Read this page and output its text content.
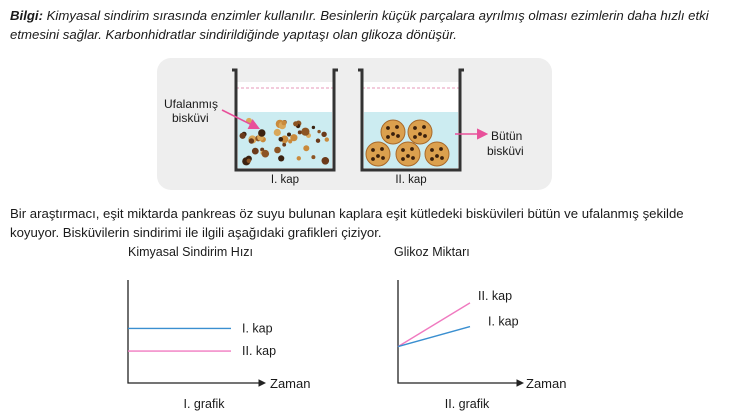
Bilgi: Kimyasal sindirim sırasında enzimler kullanılır. Besinlerin küçük parçalara ayrılmış olması ezimlerin daha hızlı etki etmesini sağlar. Karbonhidratlar sindirildiğinde yapıtaşı olan glikoza dönüşür.
Ufalanmış
bisküvi
Bütün
bisküvi
I. kap	II. kap
Bir araştırmacı, eşit miktarda pankreas öz suyu bulunan kaplara eşit kütledeki bisküvileri bütün ve ufalanmış şekilde koyuyor. Bisküvilerin sindirimi ile ilgili aşağıdaki grafikleri çiziyor.
Kimyasal Sindirim Hızı
Zaman
I. grafik
I. kap
II. kap
Glikoz Miktarı
Zaman
II. grafik
II. kap
I. kap
